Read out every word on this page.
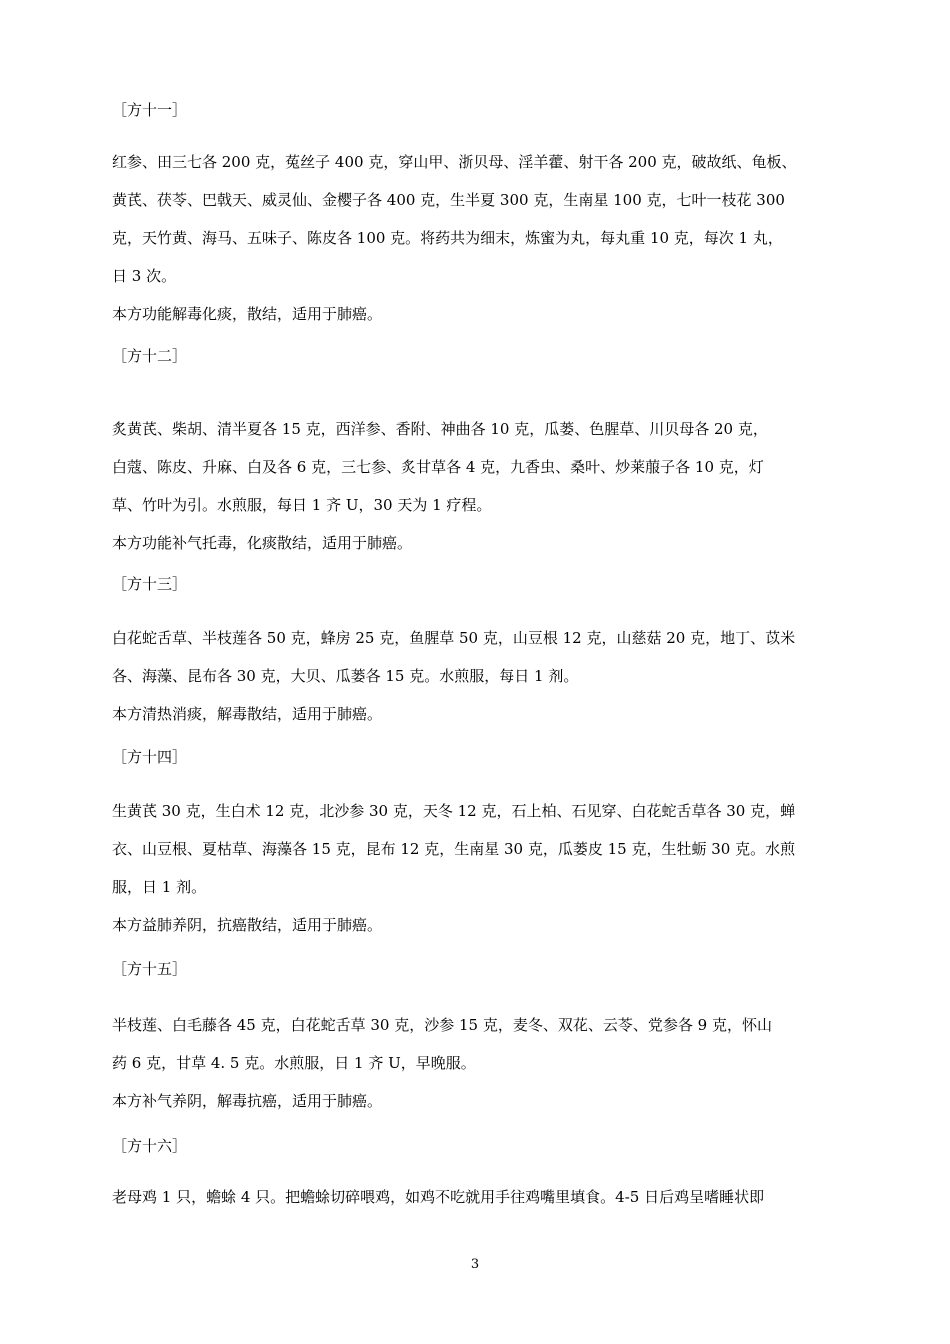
［方十一］
红参、田三七各 200 克，菟丝子 400 克，穿山甲、浙贝母、淫羊藿、射干各 200 克，破故纸、龟板、
黄芪、茯苓、巴戟天、威灵仙、金樱子各 400 克，生半夏 300 克，生南星 100 克，七叶一枝花 300
克，天竹黄、海马、五味子、陈皮各 100 克。将药共为细末，炼蜜为丸，每丸重 10 克，每次 1 丸，
日 3 次。
本方功能解毒化痰，散结，适用于肺癌。
［方十二］
炙黄芪、柴胡、清半夏各 15 克，西洋参、香附、神曲各 10 克，瓜蒌、色腥草、川贝母各 20 克，
白蔻、陈皮、升麻、白及各 6 克，三七参、炙甘草各 4 克，九香虫、桑叶、炒莱菔子各 10 克，灯
草、竹叶为引。水煎服，每日 1 齐 U，30 天为 1 疗程。
本方功能补气托毒，化痰散结，适用于肺癌。
［方十三］
白花蛇舌草、半枝莲各 50 克，蜂房 25 克，鱼腥草 50 克，山豆根 12 克，山慈菇 20 克，地丁、苡米
各、海藻、昆布各 30 克，大贝、瓜蒌各 15 克。水煎服，每日 1 剂。
本方清热消痰，解毒散结，适用于肺癌。
［方十四］
生黄芪 30 克，生白术 12 克，北沙参 30 克，天冬 12 克，石上柏、石见穿、白花蛇舌草各 30 克，蝉
衣、山豆根、夏枯草、海藻各 15 克，昆布 12 克，生南星 30 克，瓜蒌皮 15 克，生牡蛎 30 克。水煎
服，日 1 剂。
本方益肺养阴，抗癌散结，适用于肺癌。
［方十五］
半枝莲、白毛藤各 45 克，白花蛇舌草 30 克，沙参 15 克，麦冬、双花、云苓、党参各 9 克，怀山
药 6 克，甘草 4. 5 克。水煎服，日 1 齐 U，早晚服。
本方补气养阴，解毒抗癌，适用于肺癌。
［方十六］
老母鸡 1 只，蟾蜍 4 只。把蟾蜍切碎喂鸡，如鸡不吃就用手往鸡嘴里填食。4-5 日后鸡呈嗜睡状即
3
